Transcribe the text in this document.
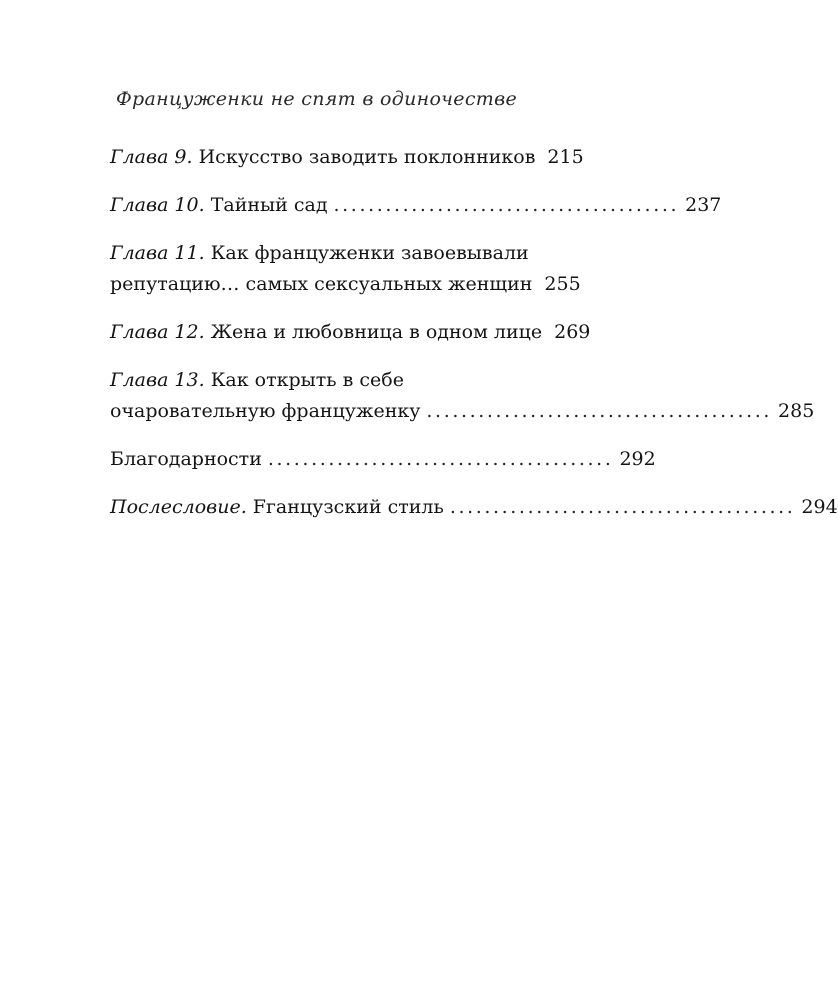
Француженки не спят в одиночестве
Глава 9. Искусство заводить поклонников 215
Глава 10. Тайный сад ........................................ 237
Глава 11. Как француженки завоевывали
репутацию… самых сексуальных женщин 255
Глава 12. Жена и любовница в одном лице 269
Глава 13. Как открыть в себе
очаровательную француженку ........................................ 285
Благодарности ........................................ 292
Послесловие. Fганцузский стиль ........................................ 294
